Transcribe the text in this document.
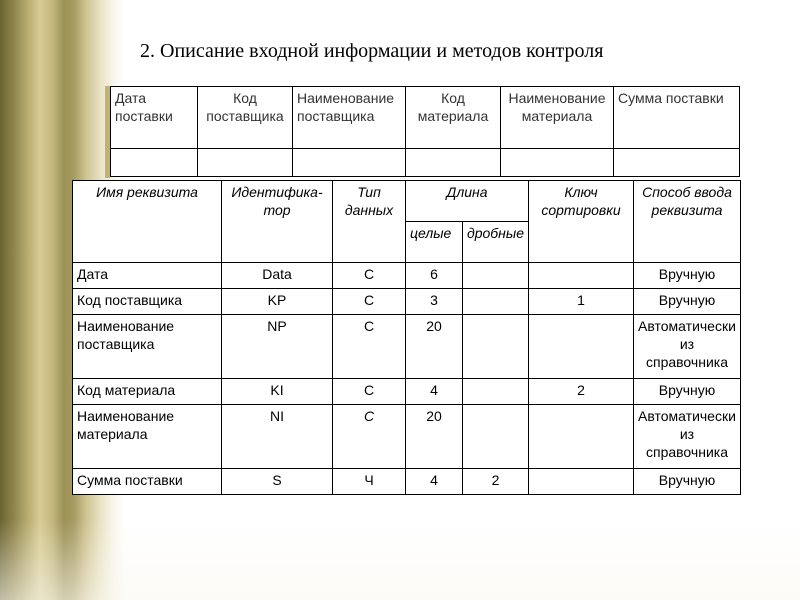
2. Описание входной информации и методов контроля
Дата поставки	Код поставщика	Наименование поставщика	Код материала	Наименование материала	Сумма поставки

Имя реквизита	Идентифика-тор	Тип данных	Длина		Ключ сортировки	Способ ввода реквизита
			целые	дробные		
Дата	Data	C	6			Вручную
Код поставщика	KP	C	3		1	Вручную
Наименование поставщика	NP	C	20			Автоматически из справочника
Код материала	KI	C	4		2	Вручную
Наименование материала	NI	C	20			Автоматически из справочника
Сумма поставки	S	Ч	4	2		Вручную
